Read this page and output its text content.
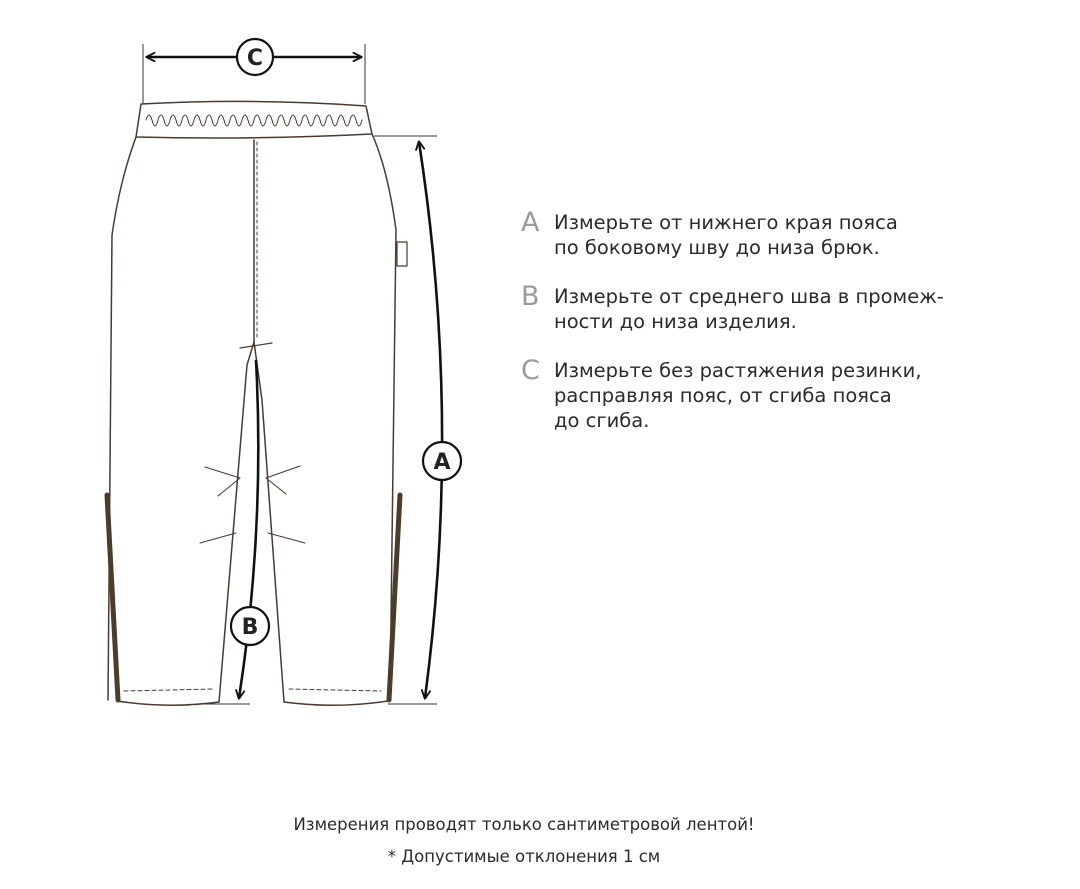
C
A
B
A Измерьте от нижнего края пояса
по боковому шву до низа брюк.
B Измерьте от среднего шва в промеж-
ности до низа изделия.
C Измерьте без растяжения резинки,
расправляя пояс, от сгиба пояса
до сгиба.
Измерения проводят только сантиметровой лентой!
* Допустимые отклонения 1 см
